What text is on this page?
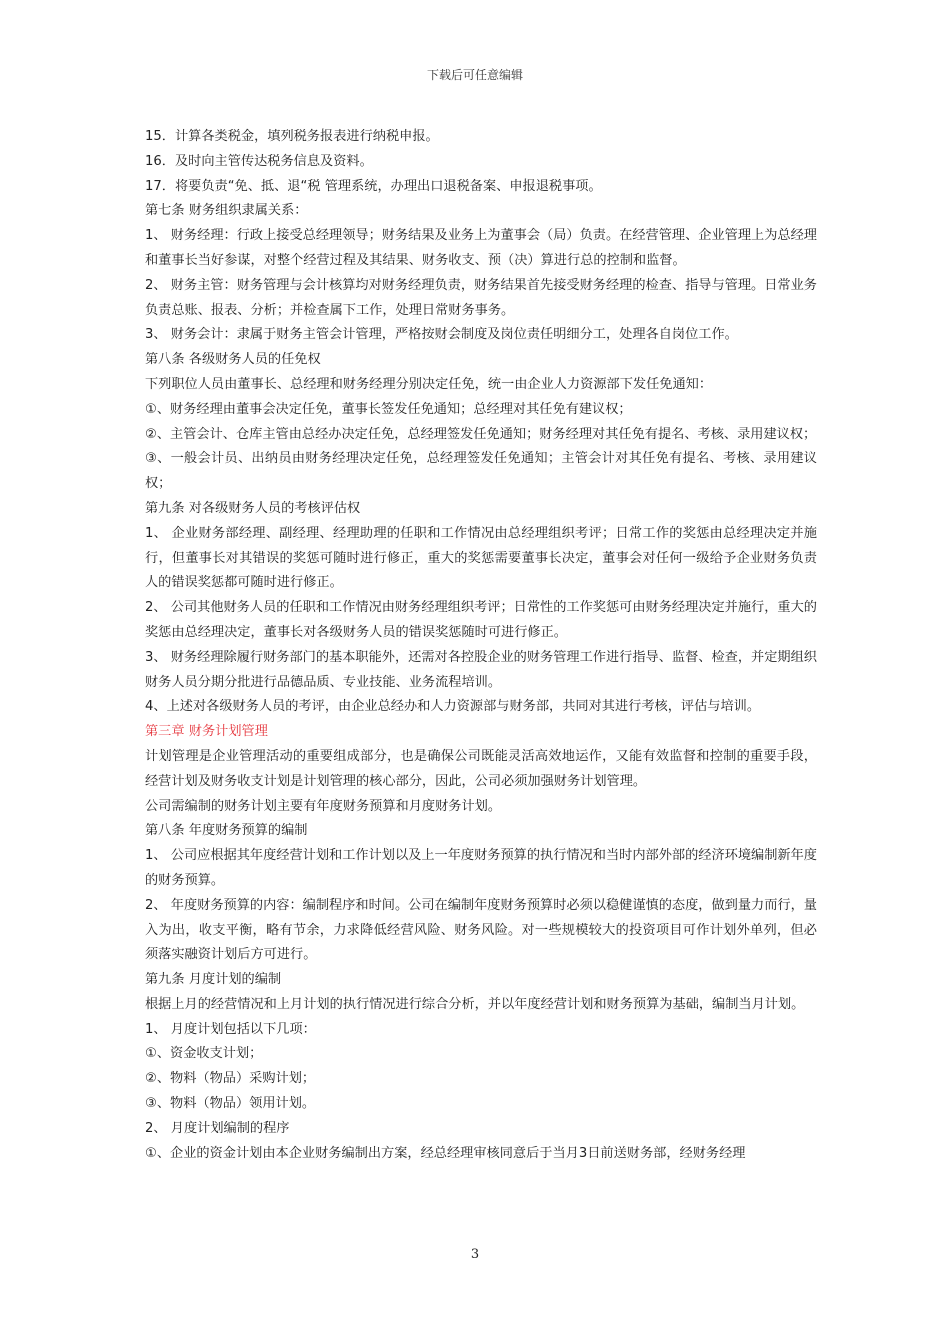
下载后可任意编辑

15．计算各类税金，填列税务报表进行纳税申报。

16．及时向主管传达税务信息及资料。

17．将要负责“免、抵、退“税 管理系统，办理出口退税备案、申报退税事项。

第七条 财务组织隶属关系：

1、 财务经理：行政上接受总经理领导；财务结果及业务上为董事会（局）负责。在经营管理、企业管理上为总经理和董事长当好参谋，对整个经营过程及其结果、财务收支、预（决）算进行总的控制和监督。

2、 财务主管：财务管理与会计核算均对财务经理负责，财务结果首先接受财务经理的检查、指导与管理。日常业务负责总账、报表、分析；并检查属下工作，处理日常财务事务。

3、 财务会计：隶属于财务主管会计管理，严格按财会制度及岗位责任明细分工，处理各自岗位工作。

第八条 各级财务人员的任免权

下列职位人员由董事长、总经理和财务经理分别决定任免，统一由企业人力资源部下发任免通知：

①、财务经理由董事会决定任免，董事长签发任免通知；总经理对其任免有建议权；

②、主管会计、仓库主管由总经办决定任免，总经理签发任免通知；财务经理对其任免有提名、考核、录用建议权；

③、一般会计员、出纳员由财务经理决定任免，总经理签发任免通知；主管会计对其任免有提名、考核、录用建议权；

第九条 对各级财务人员的考核评估权

1、 企业财务部经理、副经理、经理助理的任职和工作情况由总经理组织考评；日常工作的奖惩由总经理决定并施行，但董事长对其错误的奖惩可随时进行修正，重大的奖惩需要董事长决定，董事会对任何一级给予企业财务负责人的错误奖惩都可随时进行修正。

2、 公司其他财务人员的任职和工作情况由财务经理组织考评；日常性的工作奖惩可由财务经理决定并施行，重大的奖惩由总经理决定，董事长对各级财务人员的错误奖惩随时可进行修正。

3、 财务经理除履行财务部门的基本职能外，还需对各控股企业的财务管理工作进行指导、监督、检查，并定期组织财务人员分期分批进行品德品质、专业技能、业务流程培训。

4、上述对各级财务人员的考评，由企业总经办和人力资源部与财务部，共同对其进行考核，评估与培训。

第三章 财务计划管理

计划管理是企业管理活动的重要组成部分，也是确保公司既能灵活高效地运作，又能有效监督和控制的重要手段，经营计划及财务收支计划是计划管理的核心部分，因此，公司必须加强财务计划管理。

公司需编制的财务计划主要有年度财务预算和月度财务计划。

第八条 年度财务预算的编制

1、 公司应根据其年度经营计划和工作计划以及上一年度财务预算的执行情况和当时内部外部的经济环境编制新年度的财务预算。

2、 年度财务预算的内容：编制程序和时间。公司在编制年度财务预算时必须以稳健谨慎的态度，做到量力而行，量入为出，收支平衡，略有节余，力求降低经营风险、财务风险。对一些规模较大的投资项目可作计划外单列，但必须落实融资计划后方可进行。

第九条 月度计划的编制

根据上月的经营情况和上月计划的执行情况进行综合分析，并以年度经营计划和财务预算为基础，编制当月计划。

1、 月度计划包括以下几项：

①、资金收支计划；

②、物料（物品）采购计划；

③、物料（物品）领用计划。

2、 月度计划编制的程序

①、企业的资金计划由本企业财务编制出方案，经总经理审核同意后于当月3日前送财务部，经财务经理

3
